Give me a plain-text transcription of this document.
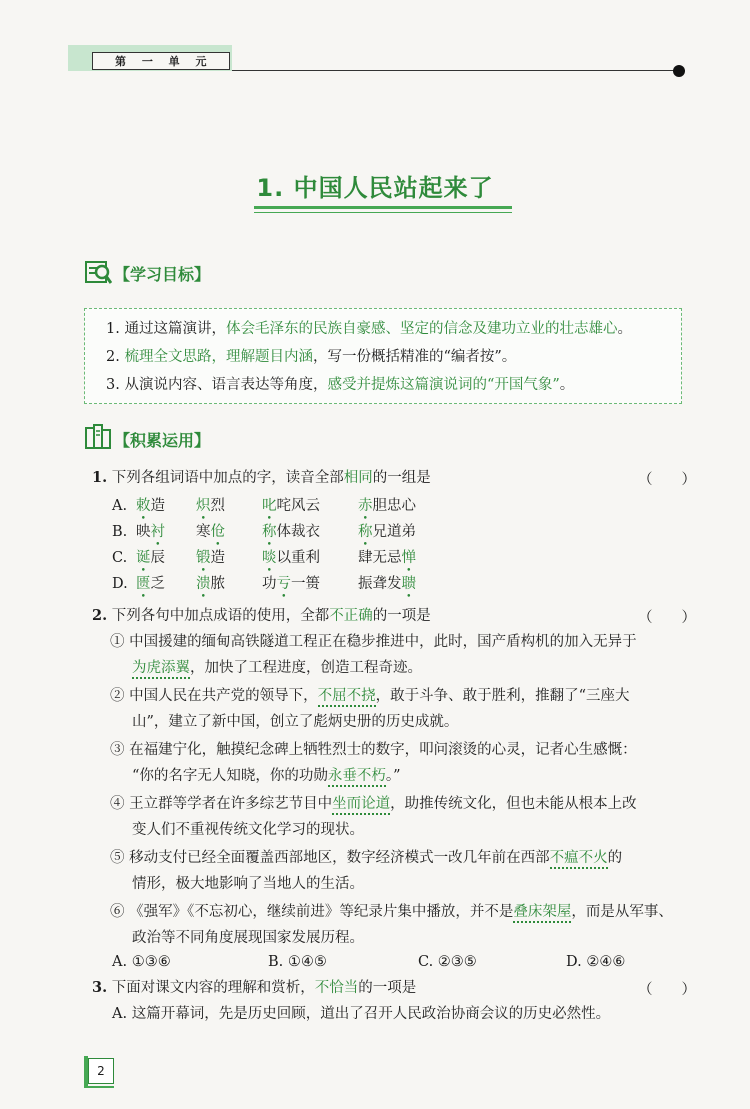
第 一 单 元
1. 中国人民站起来了
【学习目标】
1. 通过这篇演讲，体会毛泽东的民族自豪感、坚定的信念及建功立业的壮志雄心。
2. 梳理全文思路，理解题目内涵，写一份概括精准的“编者按”。
3. 从演说内容、语言表达等角度，感受并提炼这篇演说词的“开国气象”。
【积累运用】
1. 下列各组词语中加点的字，读音全部相同的一组是	（　　）
A. 敕造 炽烈	叱咤风云	赤胆忠心
B. 映衬 寒伧	称体裁衣	称兄道弟
C. 诞辰 锻造	啖以重利	肆无忌惮
D. 匮乏 溃脓	功亏一篑	振聋发聩
2. 下列各句中加点成语的使用，全都不正确的一项是	（　　）
① 中国援建的缅甸高铁隧道工程正在稳步推进中，此时，国产盾构机的加入无异于
为虎添翼，加快了工程进度，创造工程奇迹。
② 中国人民在共产党的领导下，不屈不挠，敢于斗争、敢于胜利，推翻了“三座大
山”，建立了新中国，创立了彪炳史册的历史成就。
③ 在福建宁化，触摸纪念碑上牺牲烈士的数字，叩问滚烫的心灵，记者心生感慨：
“你的名字无人知晓，你的功勋永垂不朽。”
④ 王立群等学者在许多综艺节目中坐而论道，助推传统文化，但也未能从根本上改
变人们不重视传统文化学习的现状。
⑤ 移动支付已经全面覆盖西部地区，数字经济模式一改几年前在西部不瘟不火的
情形，极大地影响了当地人的生活。
⑥ 《强军》《不忘初心，继续前进》等纪录片集中播放，并不是叠床架屋，而是从军事、
政治等不同角度展现国家发展历程。
A. ①③⑥	B. ①④⑤	C. ②③⑤	D. ②④⑥
3. 下面对课文内容的理解和赏析，不恰当的一项是	（　　）
A. 这篇开幕词，先是历史回顾，道出了召开人民政治协商会议的历史必然性。
2
